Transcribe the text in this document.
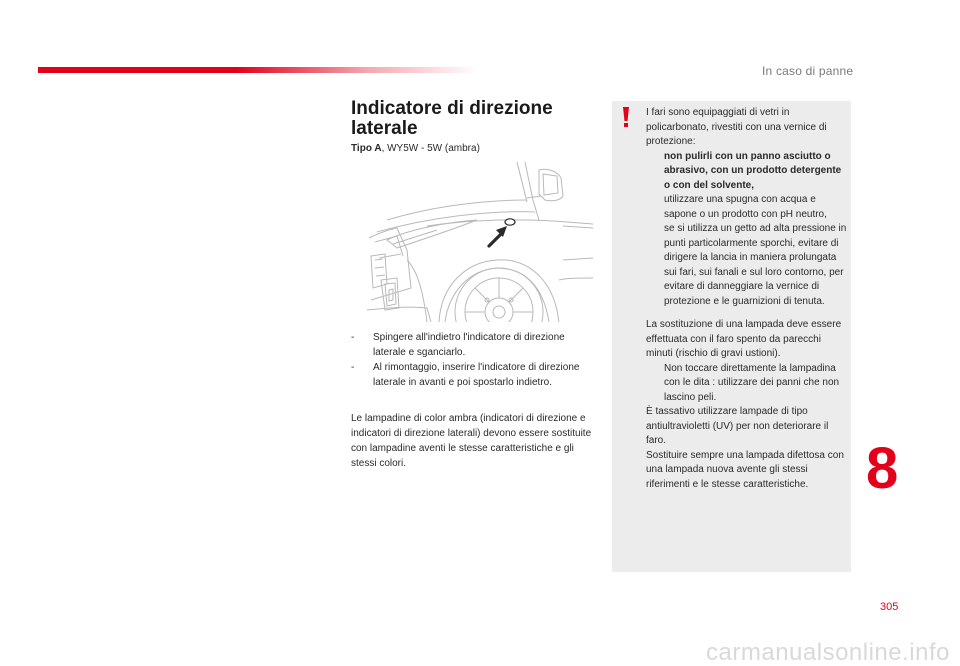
In caso di panne
Indicatore di direzione
laterale
Tipo A, WY5W - 5W (ambra)
- Spingere all'indietro l'indicatore di direzione laterale e sganciarlo.
- Al rimontaggio, inserire l'indicatore di direzione laterale in avanti e poi spostarlo indietro.

Le lampadine di color ambra (indicatori di direzione e indicatori di direzione laterali) devono essere sostituite con lampadine aventi le stesse caratteristiche e gli stessi colori.

I fari sono equipaggiati di vetri in policarbonato, rivestiti con una vernice di protezione:

non pulirli con un panno asciutto o abrasivo, con un prodotto detergente o con del solvente,
utilizzare una spugna con acqua e sapone o un prodotto con pH neutro,
se si utilizza un getto ad alta pressione in punti particolarmente sporchi, evitare di dirigere la lancia in maniera prolungata sui fari, sui fanali e sul loro contorno, per evitare di danneggiare la vernice di protezione e le guarnizioni di tenuta.

La sostituzione di una lampada deve essere effettuata con il faro spento da parecchi minuti (rischio di gravi ustioni).

Non toccare direttamente la lampadina con le dita : utilizzare dei panni che non lascino peli.

È tassativo utilizzare lampade di tipo antiultravioletti (UV) per non deteriorare il faro.

Sostituire sempre una lampada difettosa con una lampada nuova avente gli stessi riferimenti e le stesse caratteristiche. 8
305
carmanualsonline.info
